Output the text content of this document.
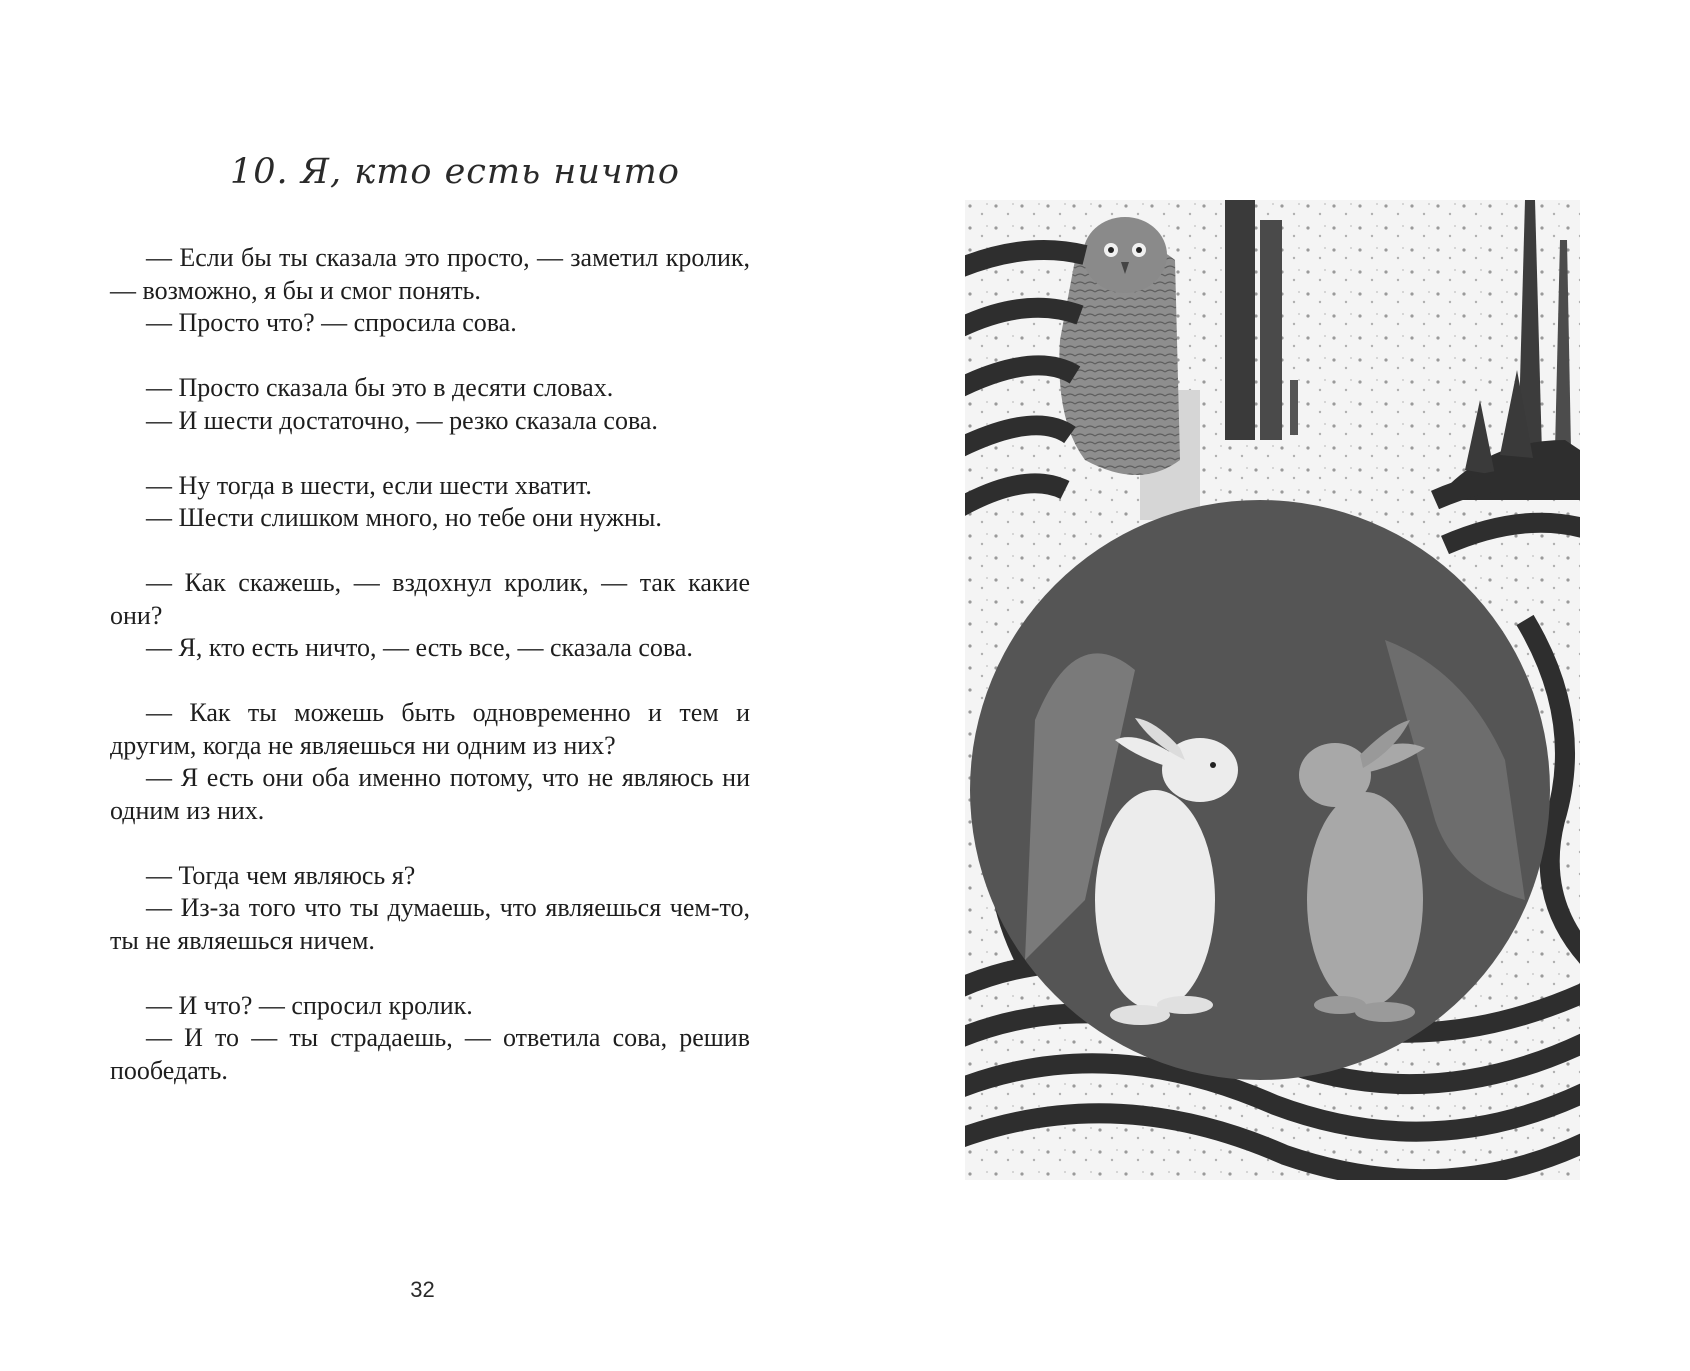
10. Я, кто есть ничто

— Если бы ты сказала это просто, — заметил кролик, — возможно, я бы и смог понять.

— Просто что? — спросила сова.

— Просто сказала бы это в десяти словах.

— И шести достаточно, — резко сказала сова.

— Ну тогда в шести, если шести хватит.

— Шести слишком много, но тебе они нужны.

— Как скажешь, — вздохнул кролик, — так какие они?

— Я, кто есть ничто, — есть все, — сказала сова.

— Как ты можешь быть одновременно и тем и другим, когда не являешься ни одним из них?

— Я есть они оба именно потому, что не являюсь ни одним из них.

— Тогда чем являюсь я?

— Из-за того что ты думаешь, что являешься чем-то, ты не являешься ничем.

— И что? — спросил кролик.

— И то — ты страдаешь, — ответила сова, решив пообедать.

32
